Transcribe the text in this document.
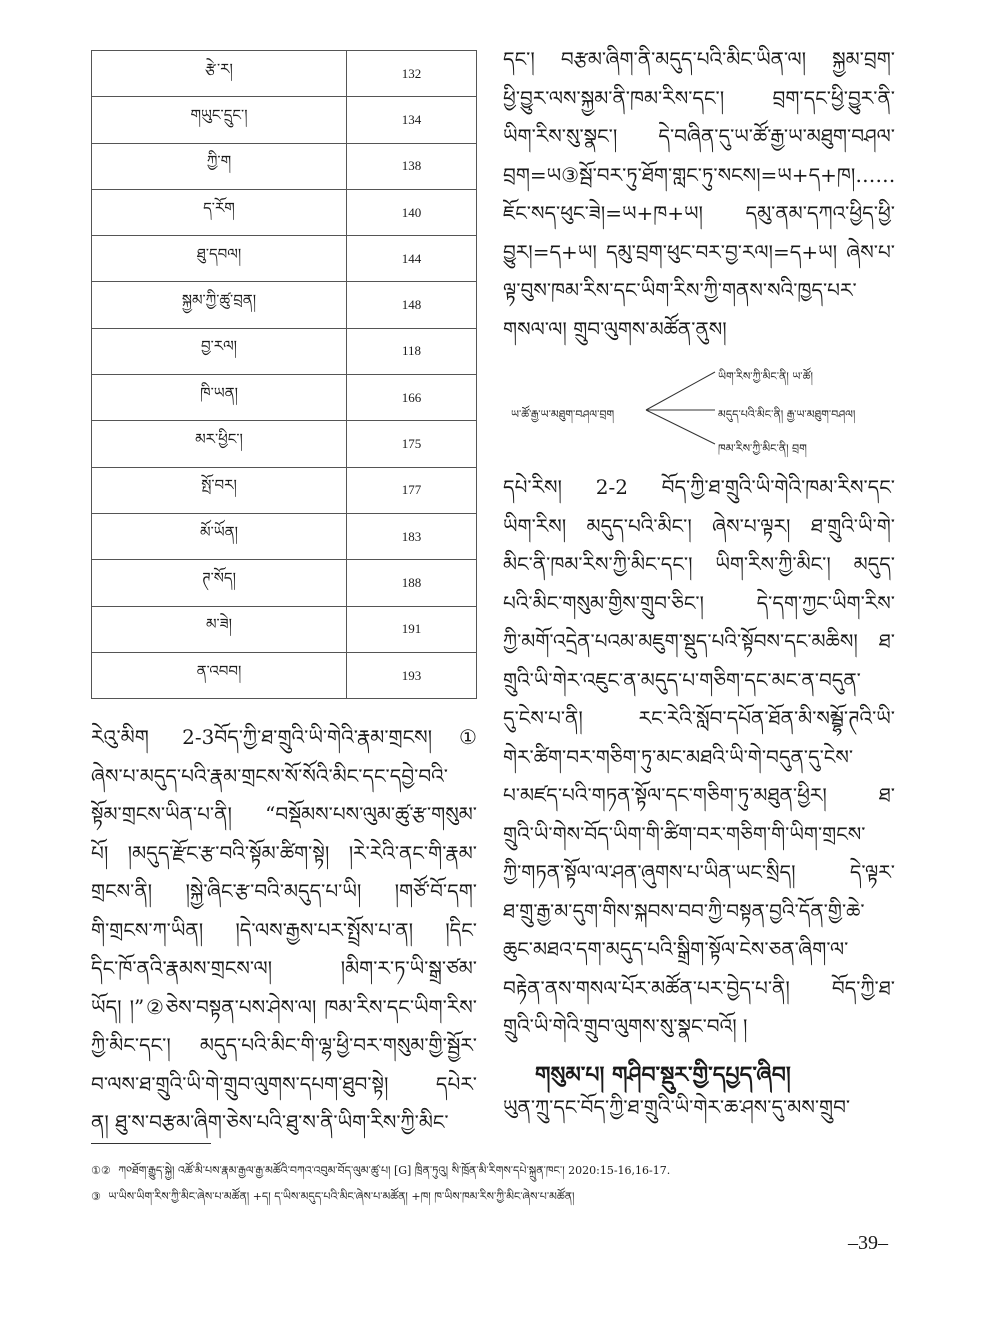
རྩེ་ར།	132
གཡུང་དྲུང་།	134
ཀྱི་ག	138
ད་རོག	140
ཐུ་དབལ།	144
སྐྱམ་ཀྱི་ཚུ་བྲན།	148
བྱ་རལ།	118
ཁི་ཡན།	166
མར་ཕྱིང་།	175
སྤོ་བར།	177
མོ་ཡོན།	183
ཊ་སོད།	188
མ་ཟེ།	191
ན་འབབ།	193
རེའུ་མིག 2-3བོད་ཀྱི་ཐ་གྲུའི་ཡི་གེའི་རྣམ་གྲངས།①
ཞེས་པ་མདུད་པའི་རྣམ་གྲངས་སོ་སོའི་མིང་དང་དབྱེ་བའི་
སྟོམ་གྲངས་ཡིན་པ་ནི། “བསྡོམས་པས་ལུམ་ཚུ་རྩ་གསུམ་
པོ། །མདུད་རྫོང་རྩ་བའི་སྟོམ་ཚིག་སྟེ། །རེ་རེའི་ནང་གི་རྣམ་
གྲངས་ནི། །སྐྱེ་ཞིང་རྩ་བའི་མདུད་པ་ཡི། །གཙོ་བོ་དག་
གི་གྲངས་ཀ་ཡིན། །དེ་ལས་རྒྱས་པར་སྤྲོས་པ་ན། །དིང་
དིང་ཁོ་ནའི་རྣམས་གྲངས་ལ། །མིག་ར་ཏ་ཡི་སྒྲ་ཙམ་
ཡོད། །”②ཅེས་བསྟན་པས་ཤེས་ལ། ཁམ་རིས་དང་ཡིག་རིས་
ཀྱི་མིང་དང་། མདུད་པའི་མིང་གི་ལྷ་ཕྱི་བར་གསུམ་གྱི་སྦྱོར་
བ་ལས་ཐ་གྲུའི་ཡི་གེ་གྲུབ་ལུགས་དཔག་ཐུབ་སྟེ། དཔེར་
ན། ཐུ་ས་བརྩམ་ཞིག་ཅེས་པའི་ཐུ་ས་ནི་ཡིག་རིས་ཀྱི་མིང་
དང་། བརྩམ་ཞིག་ནི་མདུད་པའི་མིང་ཡིན་ལ། སྐྱམ་བྲག་
ཕྱི་བྱུར་ལས་སྐྱམ་ནི་ཁམ་རིས་དང་། བྲག་དང་ཕྱི་བྱུར་ནི་
ཡིག་རིས་སུ་སྣང་། དེ་བཞིན་དུ་ཡ་ཚོ་རྒྱ་ཡ་མཐུག་བཤལ་
བྲག=ཡ③སྦོ་བར་ཏུ་ཐོག་གླང་ཏུ་སངས།=ཡ+ད+ཁ།……
ཇོང་སད་ཕུང་ཟེ།=ཡ+ཁ+ཡ། དམུ་ནམ་དཀའ་ཕྱིད་ཕྱི་
བྱུར།=ད+ཡ། དམུ་བྲག་ཕུང་བར་བྱ་རལ།=ད+ཡ། ཞེས་པ་
ལྟ་བུས་ཁམ་རིས་དང་ཡིག་རིས་ཀྱི་གནས་སའི་ཁྱད་པར་
གསལ་ལ། གྲུབ་ལུགས་མཚོན་ནུས།
ཡ་ཚོ་རྒྱ་ཡ་མཐུག་བཤལ་བྲག
ཡིག་རིས་ཀྱི་མིང་ནི། ཡ་ཚོ།
མདུད་པའི་མིང་ནི། རྒྱ་ཡ་མཐུག་བཤལ།
ཁམ་རིས་ཀྱི་མིང་ནི། བྲག
དཔེ་རིས། 2-2 བོད་ཀྱི་ཐ་གྲུའི་ཡི་གེའི་ཁམ་རིས་དང་
ཡིག་རིས། མདུད་པའི་མིང་། ཞེས་པ་ལྟར། ཐ་གྲུའི་ཡི་གེ་
མིང་ནི་ཁམ་རིས་ཀྱི་མིང་དང་། ཡིག་རིས་ཀྱི་མིང་། མདུད་
པའི་མིང་གསུམ་གྱིས་གྲུབ་ཅིང་། དེ་དག་ཀྱང་ཡིག་རིས་
ཀྱི་མགོ་འདྲེན་པའམ་མཇུག་སྡུད་པའི་སྟོབས་དང་མཆིས། ཐ་
གྲུའི་ཡི་གེར་འཇུང་ན་མདུད་པ་གཅིག་དང་མང་ན་བདུན་
དུ་ངེས་པ་ནི། རང་རེའི་སློབ་དཔོན་ཐོན་མི་སམྦྷོ་ཊའི་ཡི་
གེར་ཚིག་བར་གཅིག་ཏུ་མང་མཐའི་ཡི་གེ་བདུན་དུ་ངེས་
པ་མཛད་པའི་གཏན་སྟོལ་དང་གཅིག་ཏུ་མཐུན་ཕྱིར། ཐ་
གྲུའི་ཡི་གེས་བོད་ཡིག་གི་ཚིག་བར་གཅིག་གི་ཡིག་གྲངས་
ཀྱི་གཏན་སྟོལ་ལ་ཤན་ཞུགས་པ་ཡིན་ཡང་སྲིད། དེ་ལྟར་
ཐ་གྲུ་རྒྱ་མ་དུག་གིས་སྐབས་བབ་ཀྱི་བསྟན་བྱའི་དོན་གྱི་ཆེ་
ཆུང་མཐའ་དག་མདུད་པའི་སྒྲིག་སྟོལ་ངེས་ཅན་ཞིག་ལ་
བརྟེན་ནས་གསལ་པོར་མཚོན་པར་བྱེད་པ་ནི། བོད་ཀྱི་ཐ་
གྲུའི་ཡི་གེའི་གྲུབ་ལུགས་སུ་སྣང་བའོ། །
གསུམ་པ། གཤིབ་སྡུར་གྱི་དཔྱད་ཞིབ།
ཡུན་ཀྲུ་དང་བོད་ཀྱི་ཐ་གྲུའི་ཡི་གེར་ཆ་ཤས་དུ་མས་གྲུབ་
①② ཀ༠ཐོག་རྒྱུད་སྐྱེ། འཚོ་མི་པས་རྣམ་རྒྱལ་རྒྱ་མཚོའི་བཀའ་འབུམ་བོད་ལུམ་ཚུ་པ། [G] ཁྲིན་ཏུའུ། སི་ཁྲོན་མི་རིགས་དཔེ་སྐྲུན་ཁང་། 2020:15-16,16-17.
③ ཡ་ཡིས་ཡིག་རིས་ཀྱི་མིང་ཞེས་པ་མཚོན། +ད། ད་ཡིས་མདུད་པའི་མིང་ཞེས་པ་མཚོན། +ཁ། ཁ་ཡིས་ཁམ་རིས་ཀྱི་མིང་ཞེས་པ་མཚོན།
–39–
